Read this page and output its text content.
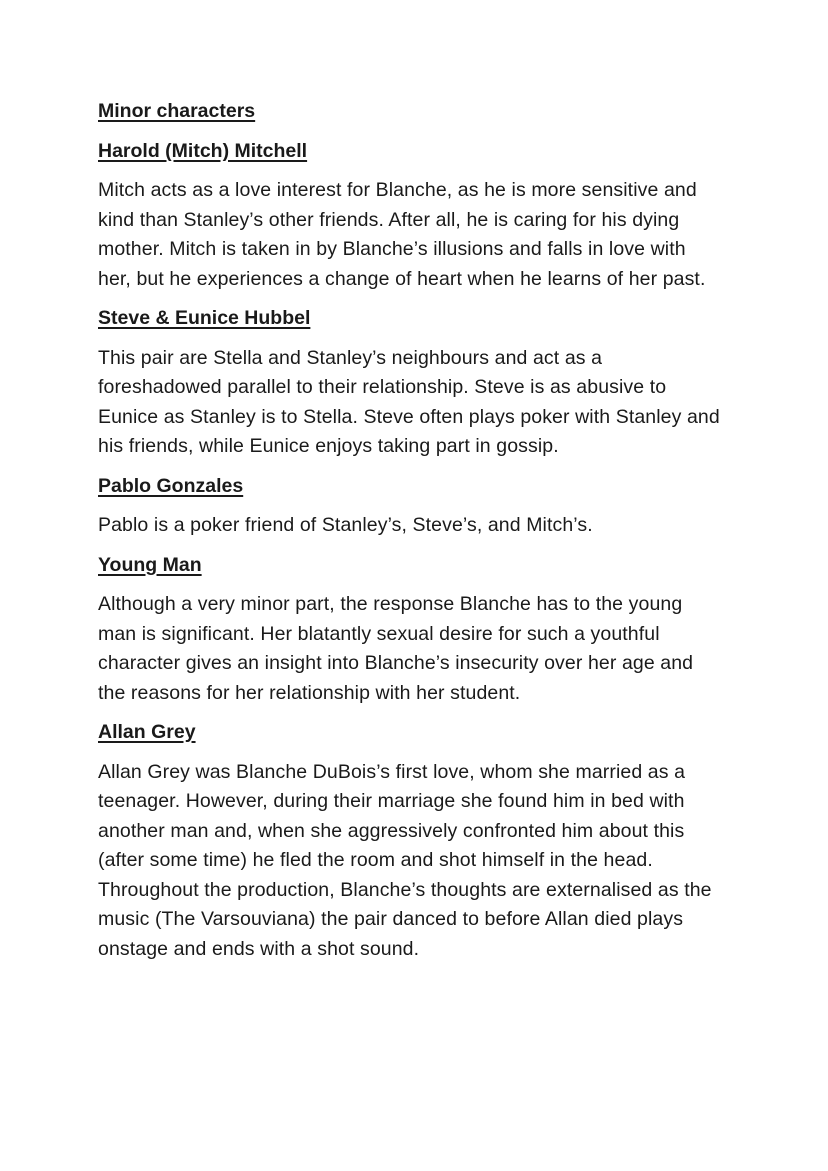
Minor characters
Harold (Mitch) Mitchell

Mitch acts as a love interest for Blanche, as he is more sensitive and kind than Stanley’s other friends. After all, he is caring for his dying mother. Mitch is taken in by Blanche’s illusions and falls in love with her, but he experiences a change of heart when he learns of her past.

Steve & Eunice Hubbel

This pair are Stella and Stanley’s neighbours and act as a foreshadowed parallel to their relationship. Steve is as abusive to Eunice as Stanley is to Stella. Steve often plays poker with Stanley and his friends, while Eunice enjoys taking part in gossip.

Pablo Gonzales

Pablo is a poker friend of Stanley’s, Steve’s, and Mitch’s.

Young Man

Although a very minor part, the response Blanche has to the young man is significant. Her blatantly sexual desire for such a youthful character gives an insight into Blanche’s insecurity over her age and the reasons for her relationship with her student.

Allan Grey

Allan Grey was Blanche DuBois’s first love, whom she married as a teenager. However, during their marriage she found him in bed with another man and, when she aggressively confronted him about this (after some time) he fled the room and shot himself in the head. Throughout the production, Blanche’s thoughts are externalised as the music (The Varsouviana) the pair danced to before Allan died plays onstage and ends with a shot sound.
